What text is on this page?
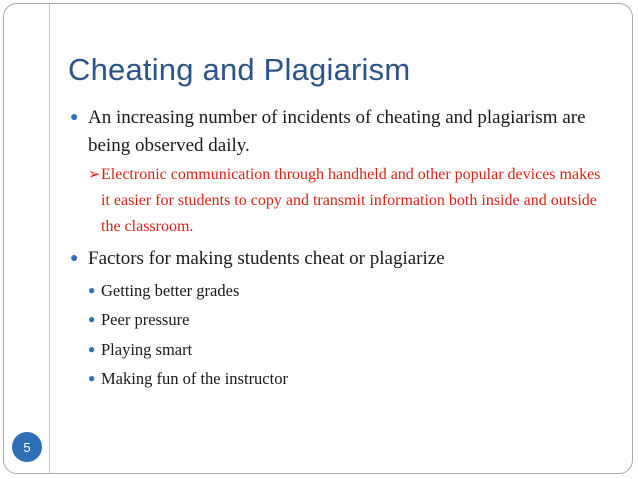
Cheating and Plagiarism
● An increasing number of incidents of cheating and plagiarism are being observed daily.
➢ Electronic communication through handheld and other popular devices makes it easier for students to copy and transmit information both inside and outside the classroom.
● Factors for making students cheat or plagiarize
● Getting better grades
● Peer pressure
● Playing smart
● Making fun of the instructor
5
